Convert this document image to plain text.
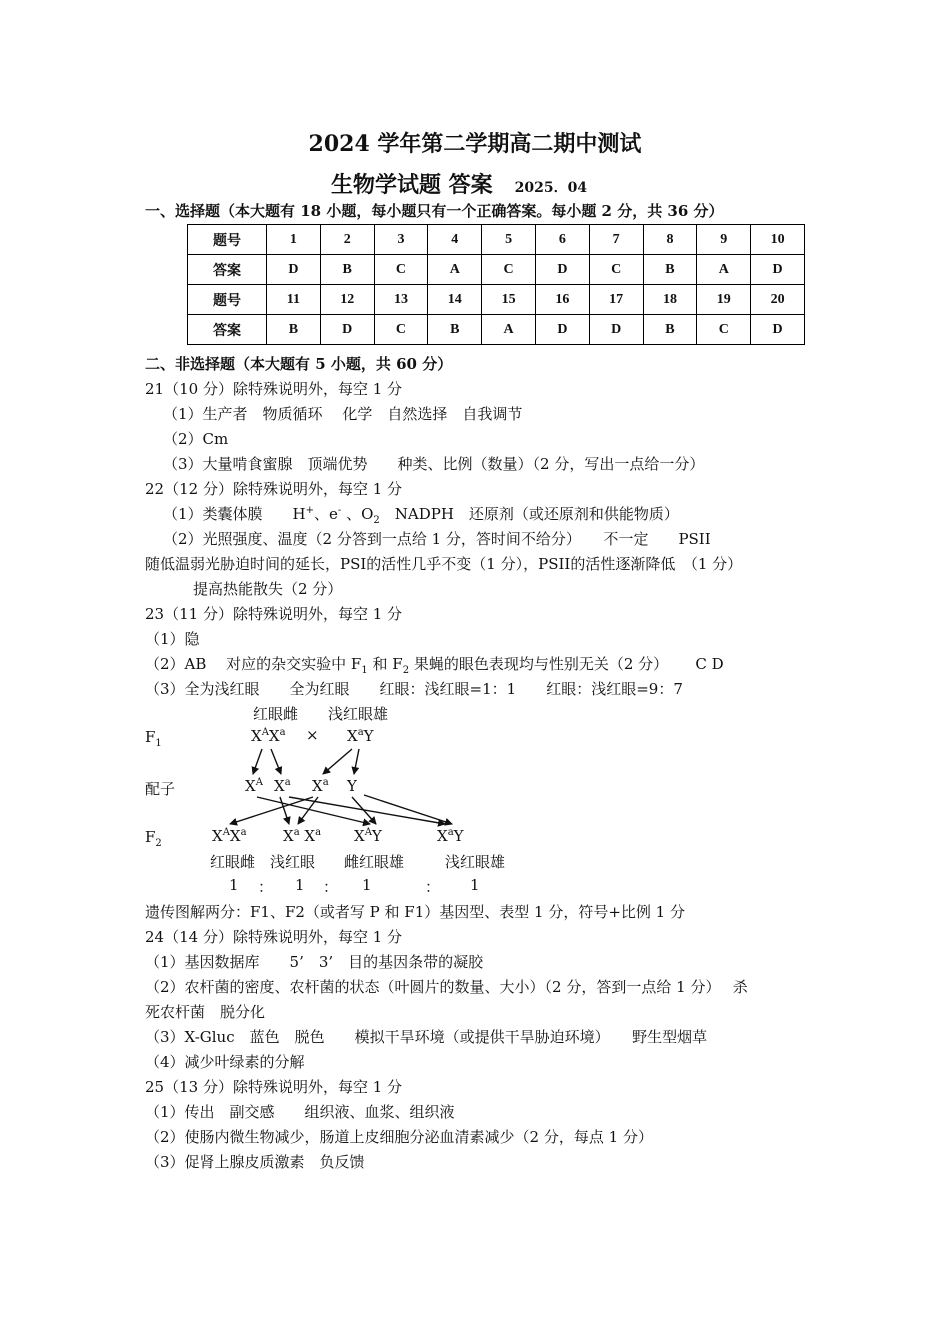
2024 学年第二学期高二期中测试
生物学试题 答案 2025．04
一、选择题（本大题有 18 小题，每小题只有一个正确答案。每小题 2 分，共 36 分）
题号	1	2	3	4	5	6	7	8	9	10
答案	D	B	C	A	C	D	C	B	A	D
题号	11	12	13	14	15	16	17	18	19	20
答案	B	D	C	B	A	D	D	B	C	D
二、非选择题（本大题有 5 小题，共 60 分）
21（10 分）除特殊说明外，每空 1 分
（1）生产者　物质循环　 化学　自然选择　自我调节
（2）Cm
（3）大量啃食蜜腺　顶端优势　　种类、比例（数量）（2 分，写出一点给一分）
22（12 分）除特殊说明外，每空 1 分
（1）类囊体膜　　H+、e- 、$O_2$　NADPH　还原剂（或还原剂和供能物质）
（2）光照强度、温度（2 分答到一点给 1 分，答时间不给分）　　不一定　　PSII
随低温弱光胁迫时间的延长，PSI的活性几乎不变（1 分），PSII的活性逐渐降低　（1 分）
提高热能散失（2 分）
23（11 分）除特殊说明外，每空 1 分
（1）隐
（2）AB　 对应的杂交实验中 $F_1$ 和 $F_2$ 果蝇的眼色表现均与性别无关（2 分）　　 C D
（3）全为浅红眼　　全为红眼　　红眼：浅红眼=1：1　　红眼：浅红眼=9：7
红眼雌 浅红眼雄
$F_1$	$X^AX^a \times X^aY$
配子	$X^A$ $X^a$ $X^a$ Y
$F_2$	$X^AX^a$ $X^a$ $X^a$ $X^AY$	$X^aY$
红眼雌 浅红眼 雌红眼雄	浅红眼雄
1 ： 1 ： 1	： 1
遗传图解两分：F1、F2（或者写 P 和 F1）基因型、表型 1 分，符号+比例 1 分
24（14 分）除特殊说明外，每空 1 分
（1）基因数据库　　5’　3’　目的基因条带的凝胶
（2）农杆菌的密度、农杆菌的状态（叶圆片的数量、大小）（2 分，答到一点给 1 分）　 杀
死农杆菌　脱分化
（3）X-Gluc　蓝色　脱色　　模拟干旱环境（或提供干旱胁迫环境）　　野生型烟草
（4）减少叶绿素的分解
25（13 分）除特殊说明外，每空 1 分
（1）传出　副交感　　组织液、血浆、组织液
（2）使肠内微生物减少，肠道上皮细胞分泌血清素减少（2 分，每点 1 分）
（3）促肾上腺皮质激素　负反馈
